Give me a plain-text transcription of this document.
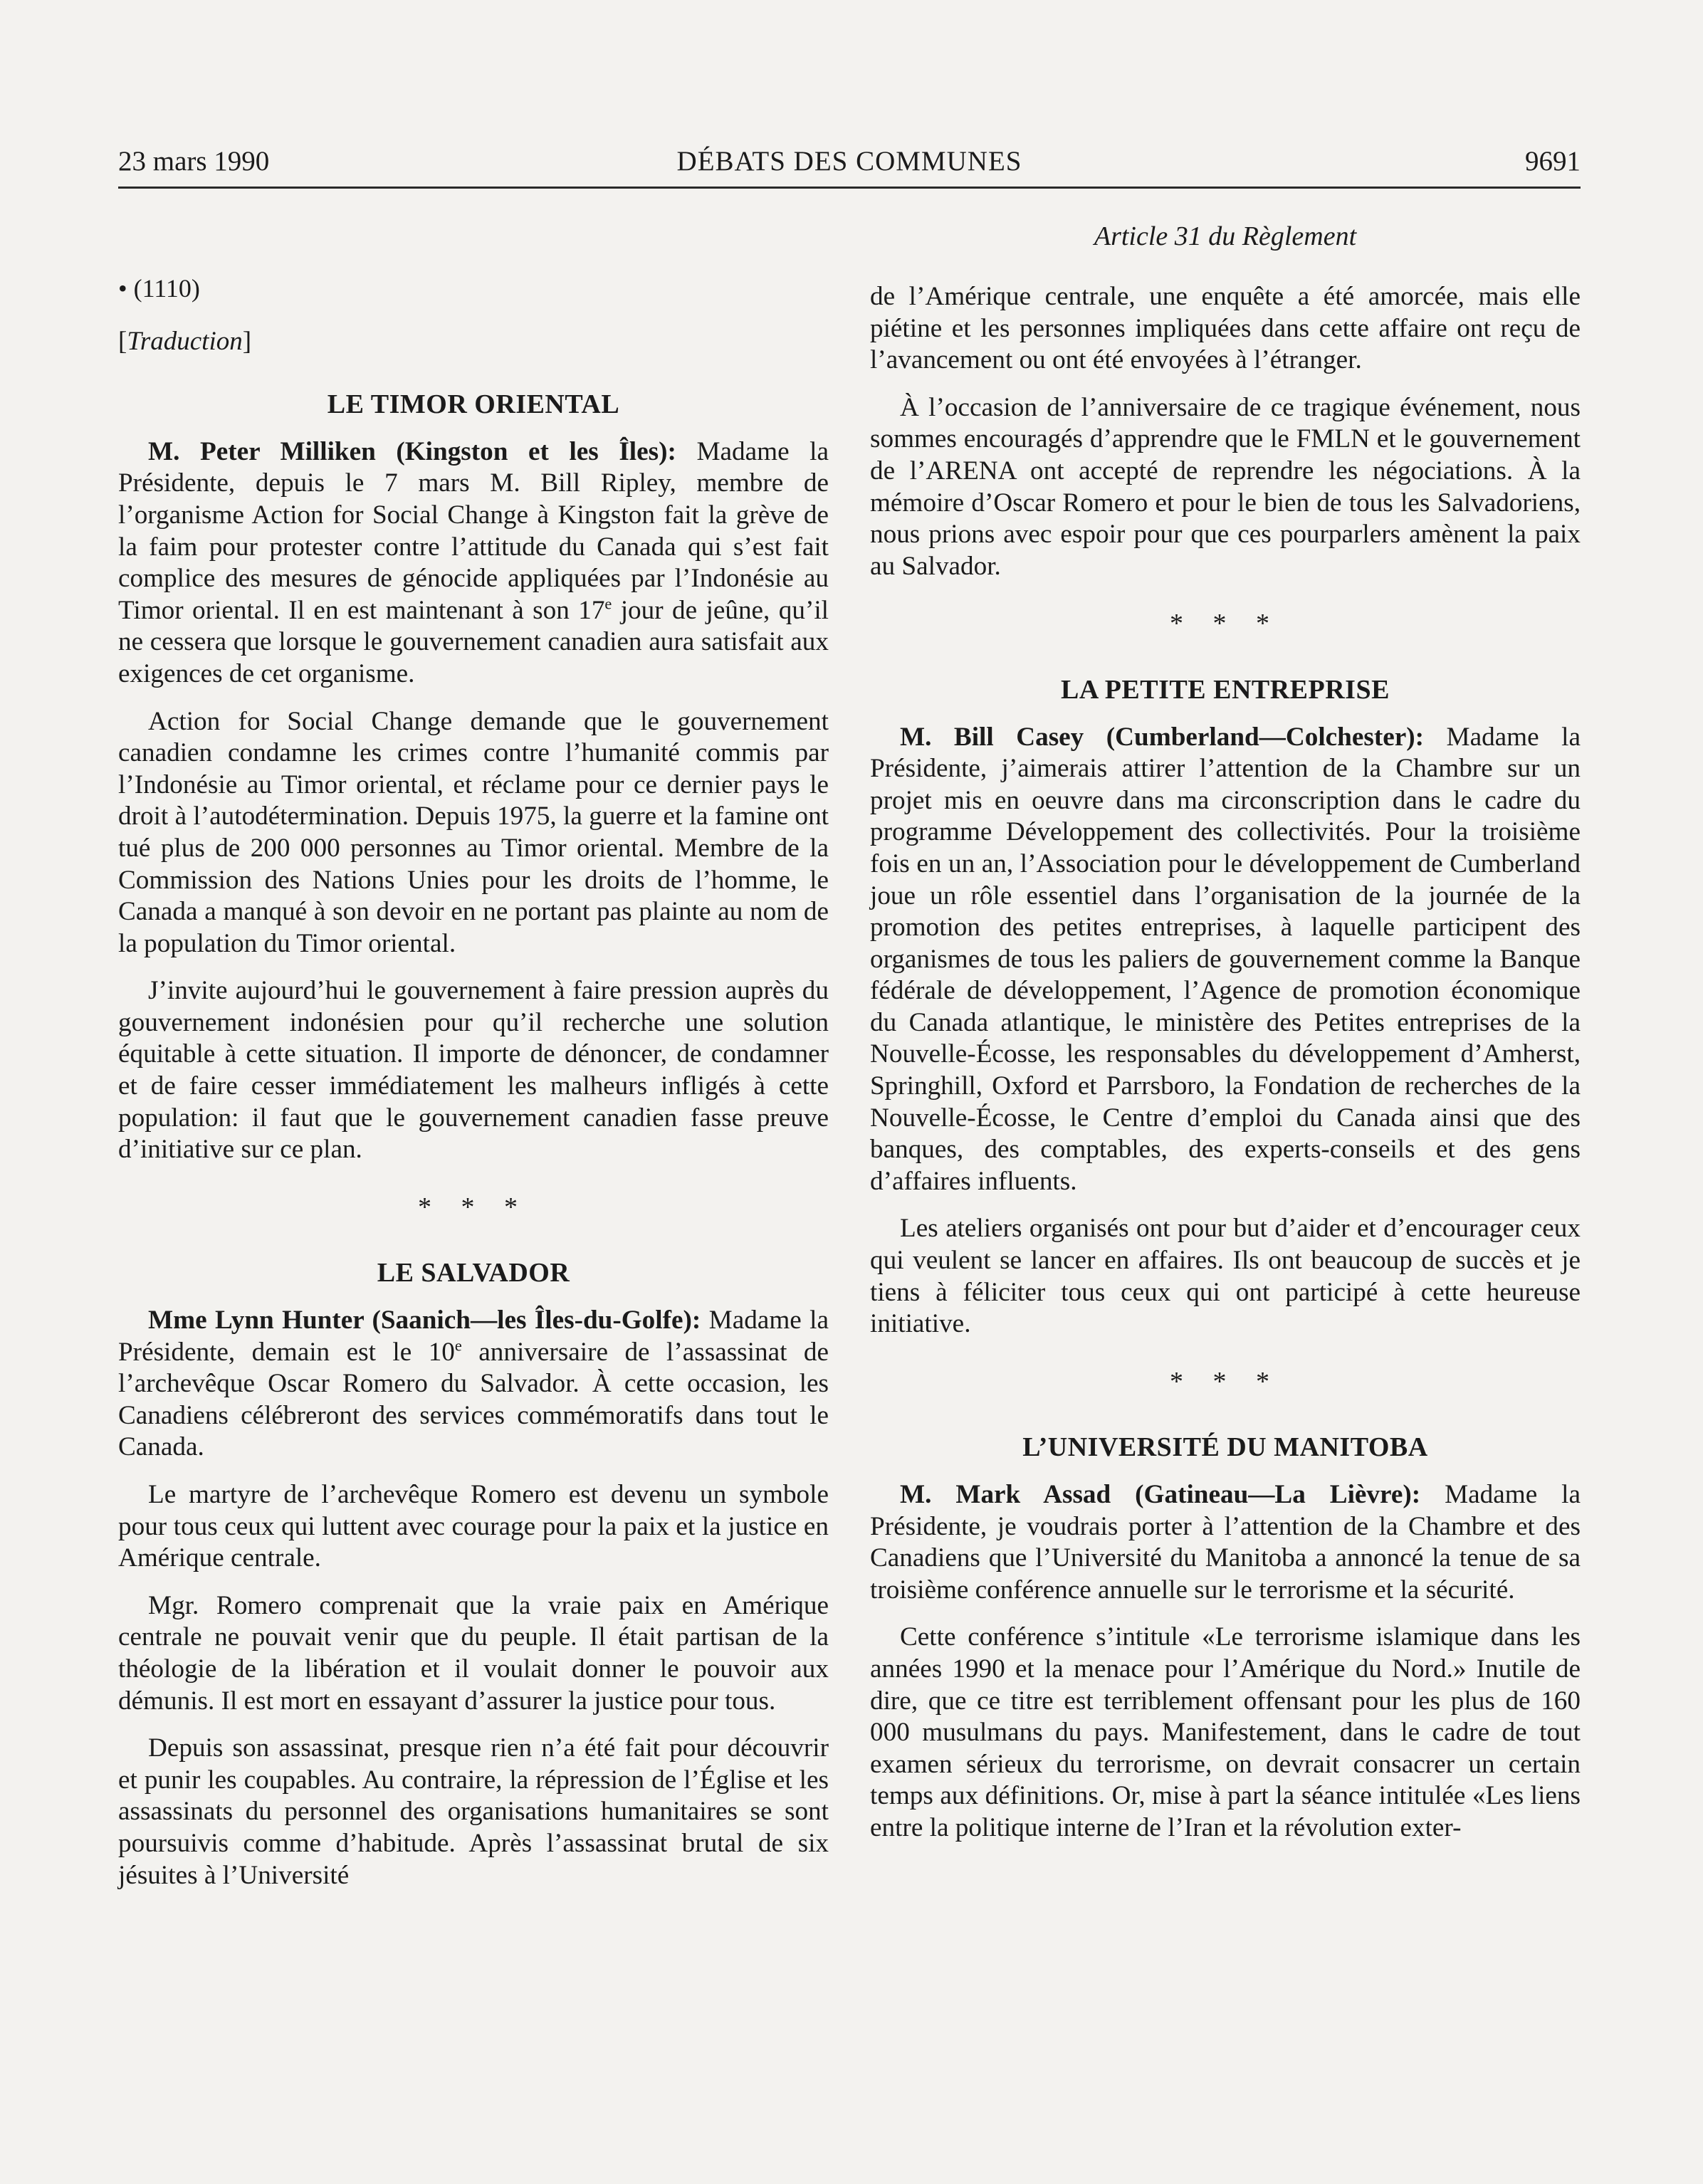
23 mars 1990	DÉBATS DES COMMUNES	9691
Article 31 du Règlement
• (1110)
[Traduction]
LE TIMOR ORIENTAL

M. Peter Milliken (Kingston et les Îles): Madame la Présidente, depuis le 7 mars M. Bill Ripley, membre de l’organisme Action for Social Change à Kingston fait la grève de la faim pour protester contre l’attitude du Canada qui s’est fait complice des mesures de génocide appliquées par l’Indonésie au Timor oriental. Il en est maintenant à son 17e jour de jeûne, qu’il ne cessera que lorsque le gouvernement canadien aura satisfait aux exigences de cet organisme.

Action for Social Change demande que le gouvernement canadien condamne les crimes contre l’humanité commis par l’Indonésie au Timor oriental, et réclame pour ce dernier pays le droit à l’autodétermination. Depuis 1975, la guerre et la famine ont tué plus de 200 000 personnes au Timor oriental. Membre de la Commission des Nations Unies pour les droits de l’homme, le Canada a manqué à son devoir en ne portant pas plainte au nom de la population du Timor oriental.

J’invite aujourd’hui le gouvernement à faire pression auprès du gouvernement indonésien pour qu’il recherche une solution équitable à cette situation. Il importe de dénoncer, de condamner et de faire cesser immédiatement les malheurs infligés à cette population: il faut que le gouvernement canadien fasse preuve d’initiative sur ce plan.

* * *
LE SALVADOR

Mme Lynn Hunter (Saanich—les Îles-du-Golfe): Madame la Présidente, demain est le 10e anniversaire de l’assassinat de l’archevêque Oscar Romero du Salvador. À cette occasion, les Canadiens célébreront des services commémoratifs dans tout le Canada.

Le martyre de l’archevêque Romero est devenu un symbole pour tous ceux qui luttent avec courage pour la paix et la justice en Amérique centrale.

Mgr. Romero comprenait que la vraie paix en Amérique centrale ne pouvait venir que du peuple. Il était partisan de la théologie de la libération et il voulait donner le pouvoir aux démunis. Il est mort en essayant d’assurer la justice pour tous.

Depuis son assassinat, presque rien n’a été fait pour découvrir et punir les coupables. Au contraire, la répression de l’Église et les assassinats du personnel des organisations humanitaires se sont poursuivis comme d’habitude. Après l’assassinat brutal de six jésuites à l’Université

de l’Amérique centrale, une enquête a été amorcée, mais elle piétine et les personnes impliquées dans cette affaire ont reçu de l’avancement ou ont été envoyées à l’étranger.

À l’occasion de l’anniversaire de ce tragique événement, nous sommes encouragés d’apprendre que le FMLN et le gouvernement de l’ARENA ont accepté de reprendre les négociations. À la mémoire d’Oscar Romero et pour le bien de tous les Salvadoriens, nous prions avec espoir pour que ces pourparlers amènent la paix au Salvador.

* * *
LA PETITE ENTREPRISE

M. Bill Casey (Cumberland—Colchester): Madame la Présidente, j’aimerais attirer l’attention de la Chambre sur un projet mis en oeuvre dans ma circonscription dans le cadre du programme Développement des collectivités. Pour la troisième fois en un an, l’Association pour le développement de Cumberland joue un rôle essentiel dans l’organisation de la journée de la promotion des petites entreprises, à laquelle participent des organismes de tous les paliers de gouvernement comme la Banque fédérale de développement, l’Agence de promotion économique du Canada atlantique, le ministère des Petites entreprises de la Nouvelle-Écosse, les responsables du développement d’Amherst, Springhill, Oxford et Parrsboro, la Fondation de recherches de la Nouvelle-Écosse, le Centre d’emploi du Canada ainsi que des banques, des comptables, des experts-conseils et des gens d’affaires influents.

Les ateliers organisés ont pour but d’aider et d’encourager ceux qui veulent se lancer en affaires. Ils ont beaucoup de succès et je tiens à féliciter tous ceux qui ont participé à cette heureuse initiative.

* * *
L’UNIVERSITÉ DU MANITOBA

M. Mark Assad (Gatineau—La Lièvre): Madame la Présidente, je voudrais porter à l’attention de la Chambre et des Canadiens que l’Université du Manitoba a annoncé la tenue de sa troisième conférence annuelle sur le terrorisme et la sécurité.

Cette conférence s’intitule «Le terrorisme islamique dans les années 1990 et la menace pour l’Amérique du Nord.» Inutile de dire, que ce titre est terriblement offensant pour les plus de 160 000 musulmans du pays. Manifestement, dans le cadre de tout examen sérieux du terrorisme, on devrait consacrer un certain temps aux définitions. Or, mise à part la séance intitulée «Les liens entre la politique interne de l’Iran et la révolution exter-
